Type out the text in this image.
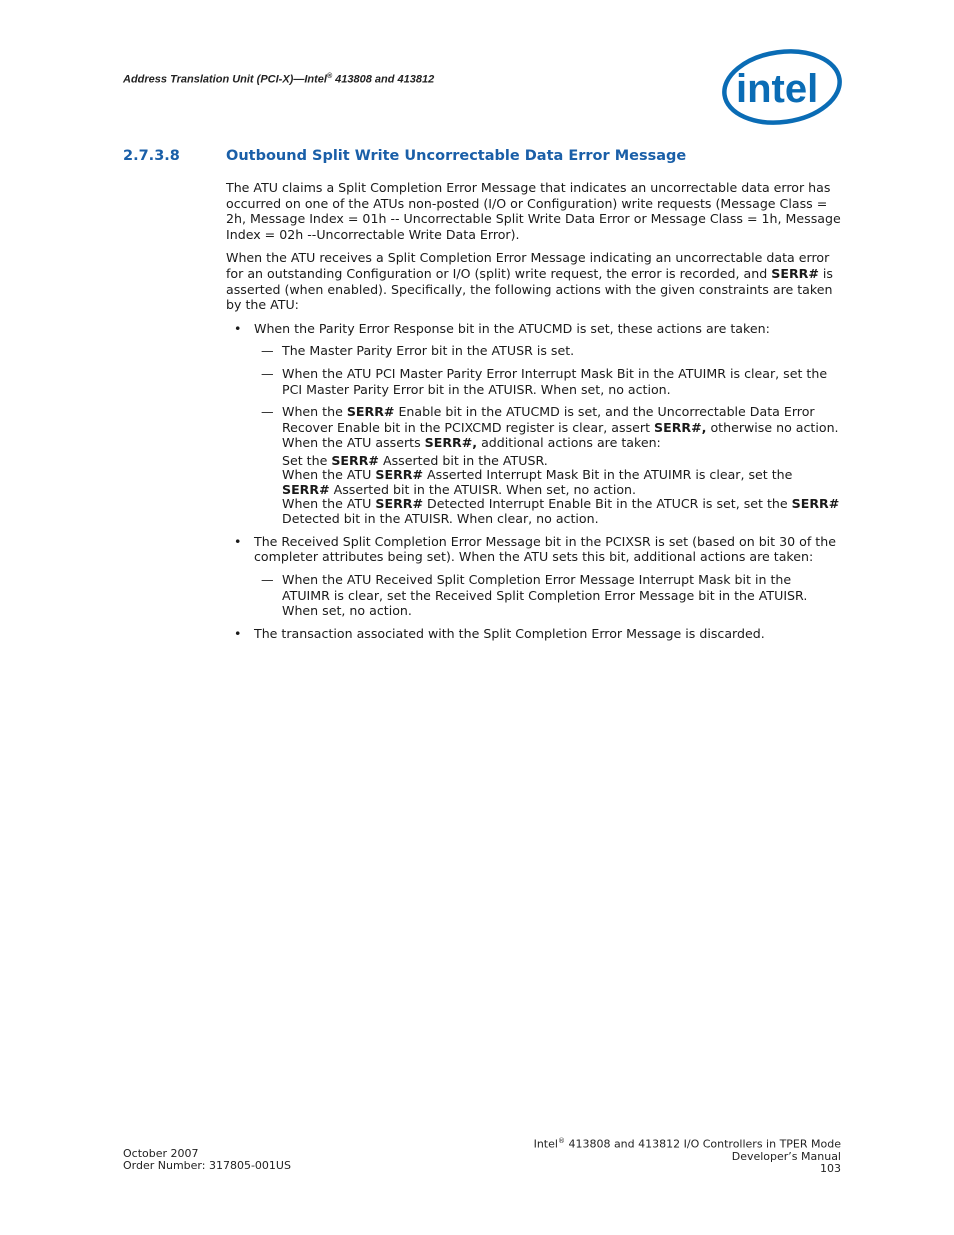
Address Translation Unit (PCI-X)—Intel® 413808 and 413812	intel
2.7.3.8	Outbound Split Write Uncorrectable Data Error Message

The ATU claims a Split Completion Error Message that indicates an uncorrectable data error has occurred on one of the ATUs non-posted (I/O or Configuration) write requests (Message Class = 2h, Message Index = 01h -- Uncorrectable Split Write Data Error or Message Class = 1h, Message Index = 02h --Uncorrectable Write Data Error).

When the ATU receives a Split Completion Error Message indicating an uncorrectable data error for an outstanding Configuration or I/O (split) write request, the error is recorded, and SERR# is asserted (when enabled). Specifically, the following actions with the given constraints are taken by the ATU:

• When the Parity Error Response bit in the ATUCMD is set, these actions are taken:
— The Master Parity Error bit in the ATUSR is set.
— When the ATU PCI Master Parity Error Interrupt Mask Bit in the ATUIMR is clear, set the PCI Master Parity Error bit in the ATUISR. When set, no action.
— When the SERR# Enable bit in the ATUCMD is set, and the Uncorrectable Data Error Recover Enable bit in the PCIXCMD register is clear, assert SERR#, otherwise no action. When the ATU asserts SERR#, additional actions are taken:
Set the SERR# Asserted bit in the ATUSR.
When the ATU SERR# Asserted Interrupt Mask Bit in the ATUIMR is clear, set the SERR# Asserted bit in the ATUISR. When set, no action.
When the ATU SERR# Detected Interrupt Enable Bit in the ATUCR is set, set the SERR# Detected bit in the ATUISR. When clear, no action.
• The Received Split Completion Error Message bit in the PCIXSR is set (based on bit 30 of the completer attributes being set). When the ATU sets this bit, additional actions are taken:
— When the ATU Received Split Completion Error Message Interrupt Mask bit in the ATUIMR is clear, set the Received Split Completion Error Message bit in the ATUISR. When set, no action.
• The transaction associated with the Split Completion Error Message is discarded.
October 2007
Order Number: 317805-001US
Intel® 413808 and 413812 I/O Controllers in TPER Mode
Developer’s Manual
103
